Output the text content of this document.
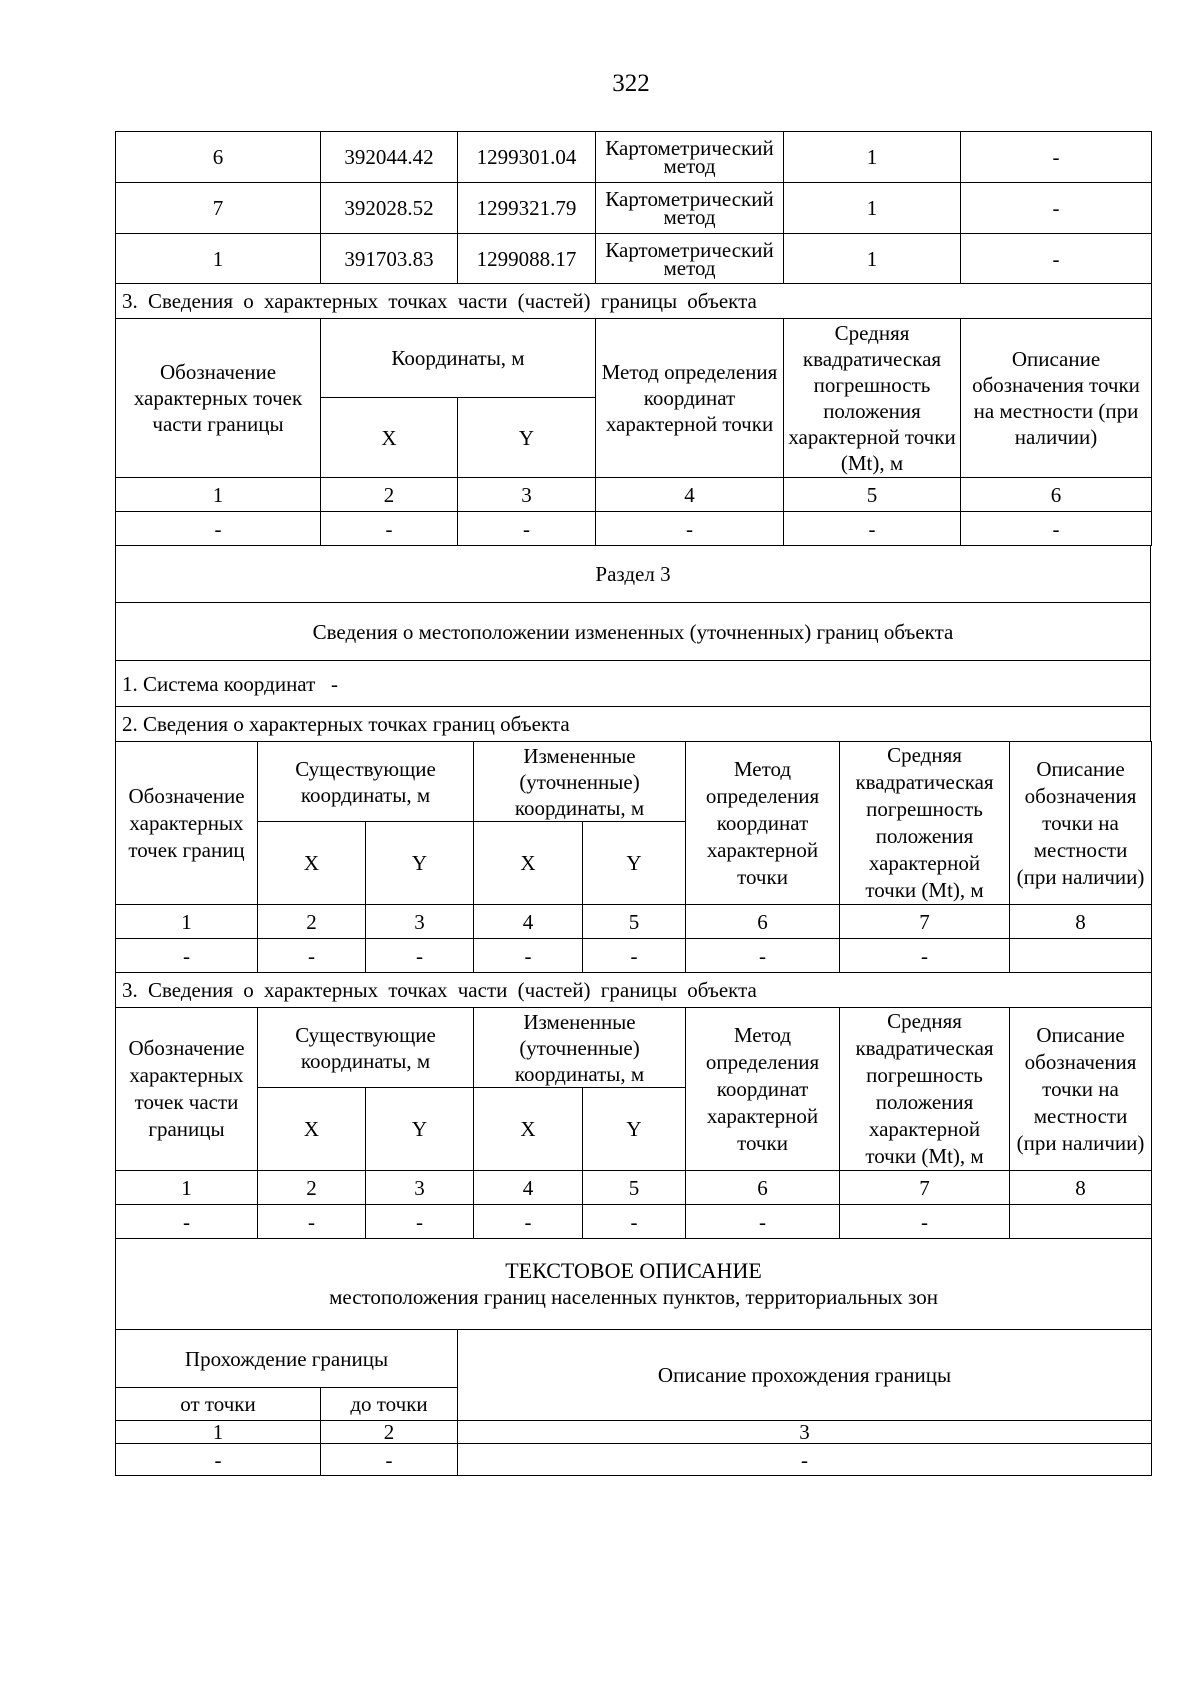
322
6	392044.42	1299301.04	Картометрический метод	1	-
7	392028.52	1299321.79	Картометрический метод	1	-
1	391703.83	1299088.17	Картометрический метод	1	-
3. Сведения о характерных точках части (частей) границы объекта					
Обозначение характерных точек части границы	Координаты, м		Метод определения координат характерной точки	Средняя квадратическая погрешность положения характерной точки (Mt), м	Описание обозначения точки на местности (при наличии)
	X	Y			
1	2	3	4	5	6
-	-	-	-	-	-
Раздел 3
Сведения о местоположении измененных (уточненных) границ объекта
1. Система координат   -
2. Сведения о характерных точках границ объекта
Обозначение характерных точек границ	Существующие координаты, м		Измененные (уточненные) координаты, м		Метод определения координат характерной точки	Средняя квадратическая погрешность положения характерной точки (Mt), м	Описание обозначения точки на местности (при наличии)
	X	Y	X	Y			
1	2	3	4	5	6	7	8
-	-	-	-	-	-	-	
3. Сведения о характерных точках части (частей) границы объекта							
Обозначение характерных точек части границы	Существующие координаты, м		Измененные (уточненные) координаты, м		Метод определения координат характерной точки	Средняя квадратическая погрешность положения характерной точки (Mt), м	Описание обозначения точки на местности (при наличии)
	X	Y	X	Y			
1	2	3	4	5	6	7	8
-	-	-	-	-	-	-	
ТЕКСТОВОЕ ОПИСАНИЕ
местоположения границ населенных пунктов, территориальных зон		

Прохождение границы		Описание прохождения границы
от точки	до точки	
1	2	3
-	-	-
